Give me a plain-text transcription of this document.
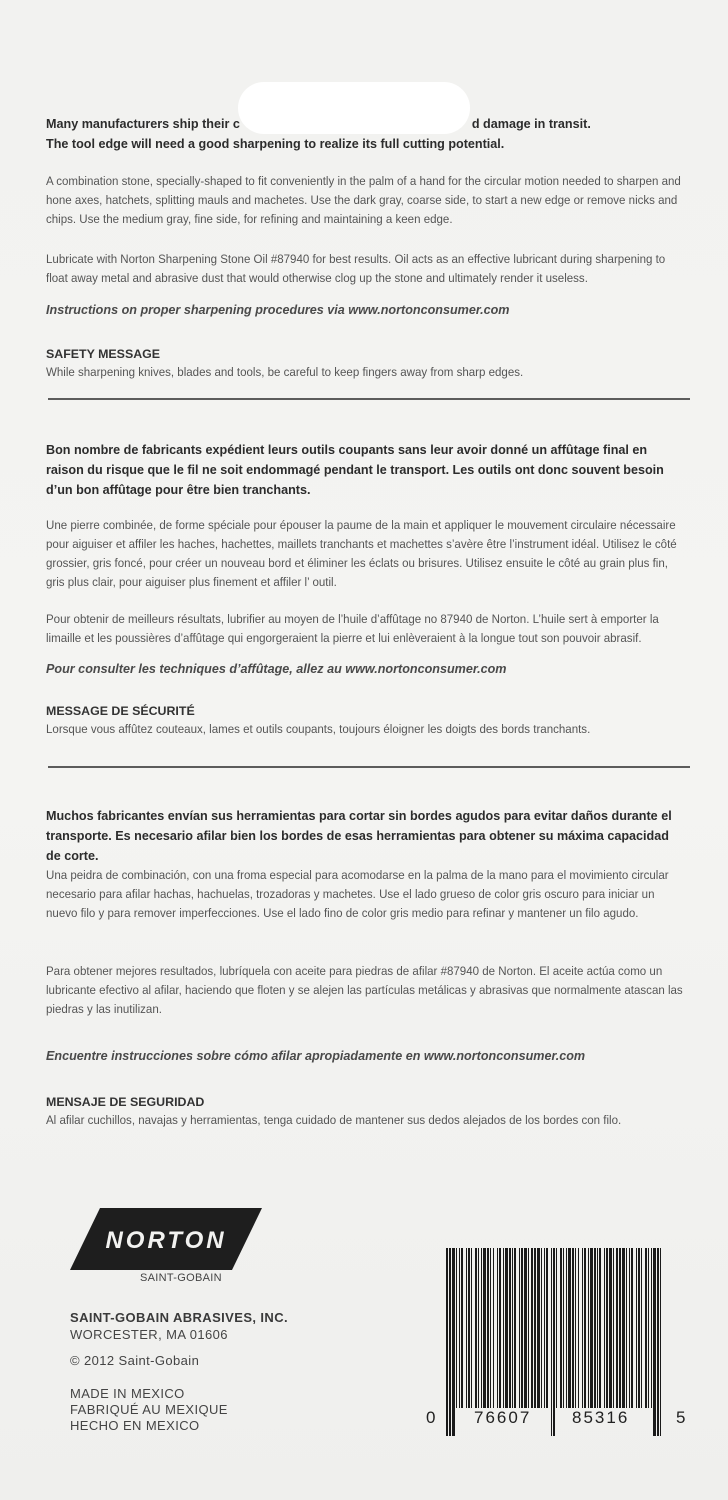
Many manufacturers ship their c	d damage in transit.
The tool edge will need a good sharpening to realize its full cutting potential.
A combination stone, specially-shaped to fit conveniently in the palm of a hand for the circular motion needed to sharpen and hone axes, hatchets, splitting mauls and machetes. Use the dark gray, coarse side, to start a new edge or remove nicks and chips. Use the medium gray, fine side, for refining and maintaining a keen edge.
Lubricate with Norton Sharpening Stone Oil #87940 for best results. Oil acts as an effective lubricant during sharpening to float away metal and abrasive dust that would otherwise clog up the stone and ultimately render it useless.
Instructions on proper sharpening procedures via www.nortonconsumer.com
SAFETY MESSAGE
While sharpening knives, blades and tools, be careful to keep fingers away from sharp edges.
Bon nombre de fabricants expédient leurs outils coupants sans leur avoir donné un affûtage final en raison du risque que le fil ne soit endommagé pendant le transport. Les outils ont donc souvent besoin d’un bon affûtage pour être bien tranchants.
Une pierre combinée, de forme spéciale pour épouser la paume de la main et appliquer le mouvement circulaire nécessaire pour aiguiser et affiler les haches, hachettes, maillets tranchants et machettes s’avère être l’instrument idéal. Utilisez le côté grossier, gris foncé, pour créer un nouveau bord et éliminer les éclats ou brisures. Utilisez ensuite le côté au grain plus fin, gris plus clair, pour aiguiser plus finement et affiler l’ outil.
Pour obtenir de meilleurs résultats, lubrifier au moyen de l’huile d’affûtage no 87940 de Norton. L’huile sert à emporter la limaille et les poussières d’affûtage qui engorgeraient la pierre et lui enlèveraient à la longue tout son pouvoir abrasif.
Pour consulter les techniques d’affûtage, allez au www.nortonconsumer.com
MESSAGE DE SÉCURITÉ
Lorsque vous affûtez couteaux, lames et outils coupants, toujours éloigner les doigts des bords tranchants.
Muchos fabricantes envían sus herramientas para cortar sin bordes agudos para evitar daños durante el transporte. Es necesario afilar bien los bordes de esas herramientas para obtener su máxima capacidad de corte.
Una peidra de combinación, con una froma especial para acomodarse en la palma de la mano para el movimiento circular necesario para afilar hachas, hachuelas, trozadoras y machetes. Use el lado grueso de color gris oscuro para iniciar un nuevo filo y para remover imperfecciones. Use el lado fino de color gris medio para refinar y mantener un filo agudo.
Para obtener mejores resultados, lubríquela con aceite para piedras de afilar #87940 de Norton. El aceite actúa como un lubricante efectivo al afilar, haciendo que floten y se alejen las partículas metálicas y abrasivas que normalmente atascan las piedras y las inutilizan.
Encuentre instrucciones sobre cómo afilar apropiadamente en www.nortonconsumer.com
MENSAJE DE SEGURIDAD
Al afilar cuchillos, navajas y herramientas, tenga cuidado de mantener sus dedos alejados de los bordes con filo.
NORTON
SAINT-GOBAIN
SAINT-GOBAIN ABRASIVES, INC.
WORCESTER, MA 01606
© 2012 Saint-Gobain
MADE IN MEXICO
FABRIQUÉ AU MEXIQUE
HECHO EN MEXICO	0 76607 85316	5
